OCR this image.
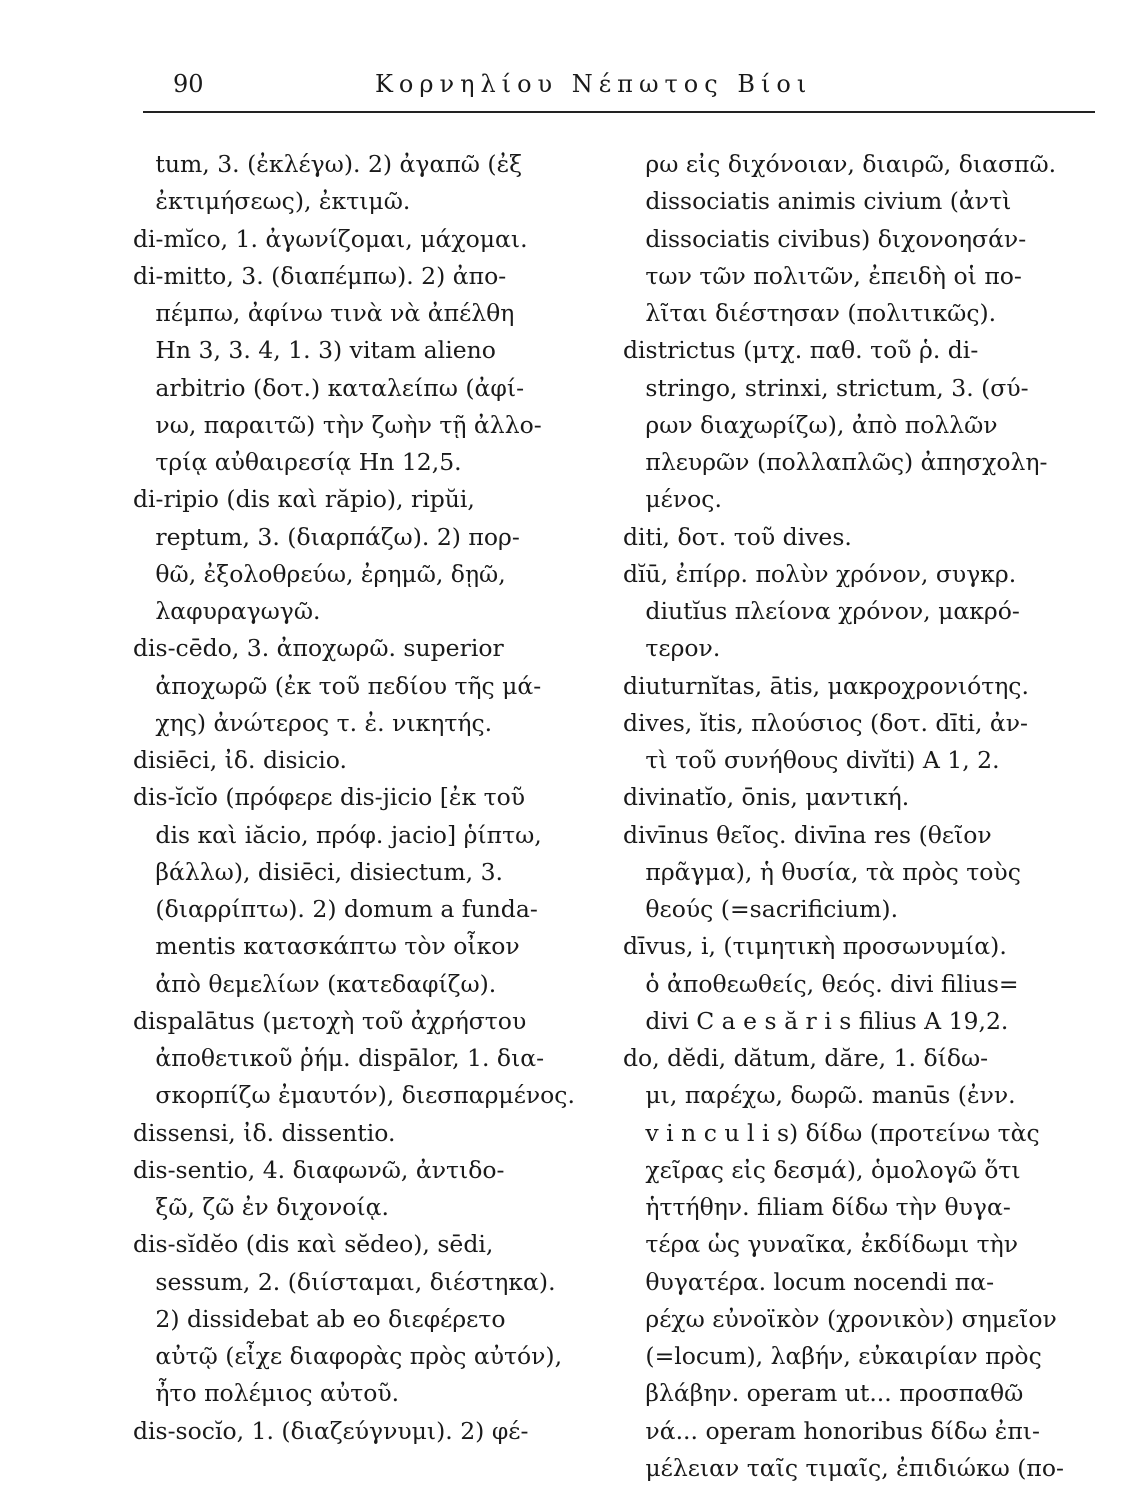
90	Κορνηλίου Νέπωτος Βίοι
tum, 3. (ἐκλέγω). 2) ἀγαπῶ (ἐξ
ἐκτιμήσεως), ἐκτιμῶ.
di-mĭco, 1. ἀγωνίζομαι, μάχομαι.
di-mitto, 3. (διαπέμπω). 2) ἀπο-
πέμπω, ἀφίνω τινὰ νὰ ἀπέλθη
Hn 3, 3. 4, 1. 3) vitam alieno
arbitrio (δοτ.) καταλείπω (ἀφί-
νω, παραιτῶ) τὴν ζωὴν τῇ ἀλλο-
τρίᾳ αὐθαιρεσίᾳ Hn 12,5.
di-ripio (dis καὶ răpio), ripŭi,
reptum, 3. (διαρπάζω). 2) πορ-
θῶ, ἐξολοθρεύω, ἐρημῶ, δῃῶ,
λαφυραγωγῶ.
dis-cēdo, 3. ἀποχωρῶ. superior
ἀποχωρῶ (ἐκ τοῦ πεδίου τῆς μά-
χης) ἀνώτερος τ. ἐ. νικητής.
disiēci, ἰδ. disicio.
dis-ĭcĭo (πρόφερε dis-jicio [ἐκ τοῦ
dis καὶ iăcio, πρόφ. jacio] ῥίπτω,
βάλλω), disiēci, disiectum, 3.
(διαρρίπτω). 2) domum a funda-
mentis κατασκάπτω τὸν οἶκον
ἀπὸ θεμελίων (κατεδαφίζω).
dispalātus (μετοχὴ τοῦ ἀχρήστου
ἀποθετικοῦ ῥήμ. dispālor, 1. δια-
σκορπίζω ἐμαυτόν), διεσπαρμένος.
dissensi, ἰδ. dissentio.
dis-sentio, 4. διαφωνῶ, ἀντιδο-
ξῶ, ζῶ ἐν διχονοίᾳ.
dis-sĭdĕo (dis καὶ sĕdeo), sēdi,
sessum, 2. (διίσταμαι, διέστηκα).
2) dissidebat ab eo διεφέρετο
αὐτῷ (εἶχε διαφορὰς πρὸς αὐτόν),
ἦτο πολέμιος αὐτοῦ.
dis-socĭo, 1. (διαζεύγνυμι). 2) φέ-
ρω εἰς διχόνοιαν, διαιρῶ, διασπῶ.
dissociatis animis civium (ἀντὶ
dissociatis civibus) διχονοησάν-
των τῶν πολιτῶν, ἐπειδὴ οἱ πο-
λῖται διέστησαν (πολιτικῶς).
districtus (μτχ. παθ. τοῦ ῥ. di-
stringo, strinxi, strictum, 3. (σύ-
ρων διαχωρίζω), ἀπὸ πολλῶν
πλευρῶν (πολλαπλῶς) ἀπησχολη-
μένος.
diti, δοτ. τοῦ dives.
dĭū, ἐπίρρ. πολὺν χρόνον, συγκρ.
diutĭus πλείονα χρόνον, μακρό-
τερον.
diuturnĭtas, ātis, μακροχρονιότης.
dives, ĭtis, πλούσιος (δοτ. dīti, ἀν-
τὶ τοῦ συνήθους divĭti) A 1, 2.
divinatĭo, ōnis, μαντική.
divīnus θεῖος. divīna res (θεῖον
πρᾶγμα), ἡ θυσία, τὰ πρὸς τοὺς
θεούς (=sacrificium).
dīvus, i, (τιμητικὴ προσωνυμία).
ὁ ἀποθεωθείς, θεός. divi filius=
divi C a e s ă r i s filius A 19,2.
do, dĕdi, dătum, dăre, 1. δίδω-
μι, παρέχω, δωρῶ. manūs (ἐνν.
v i n c u l i s) δίδω (προτείνω τὰς
χεῖρας εἰς δεσμά), ὁμολογῶ ὅτι
ἡττήθην. filiam δίδω τὴν θυγα-
τέρα ὡς γυναῖκα, ἐκδίδωμι τὴν
θυγατέρα. locum nocendi πα-
ρέχω εὐνοϊκὸν (χρονικὸν) σημεῖον
(=locum), λαβήν, εὐκαιρίαν πρὸς
βλάβην. operam ut... προσπαθῶ
νά... operam honoribus δίδω ἐπι-
μέλειαν ταῖς τιμαῖς, ἐπιδιώκω (πο-
